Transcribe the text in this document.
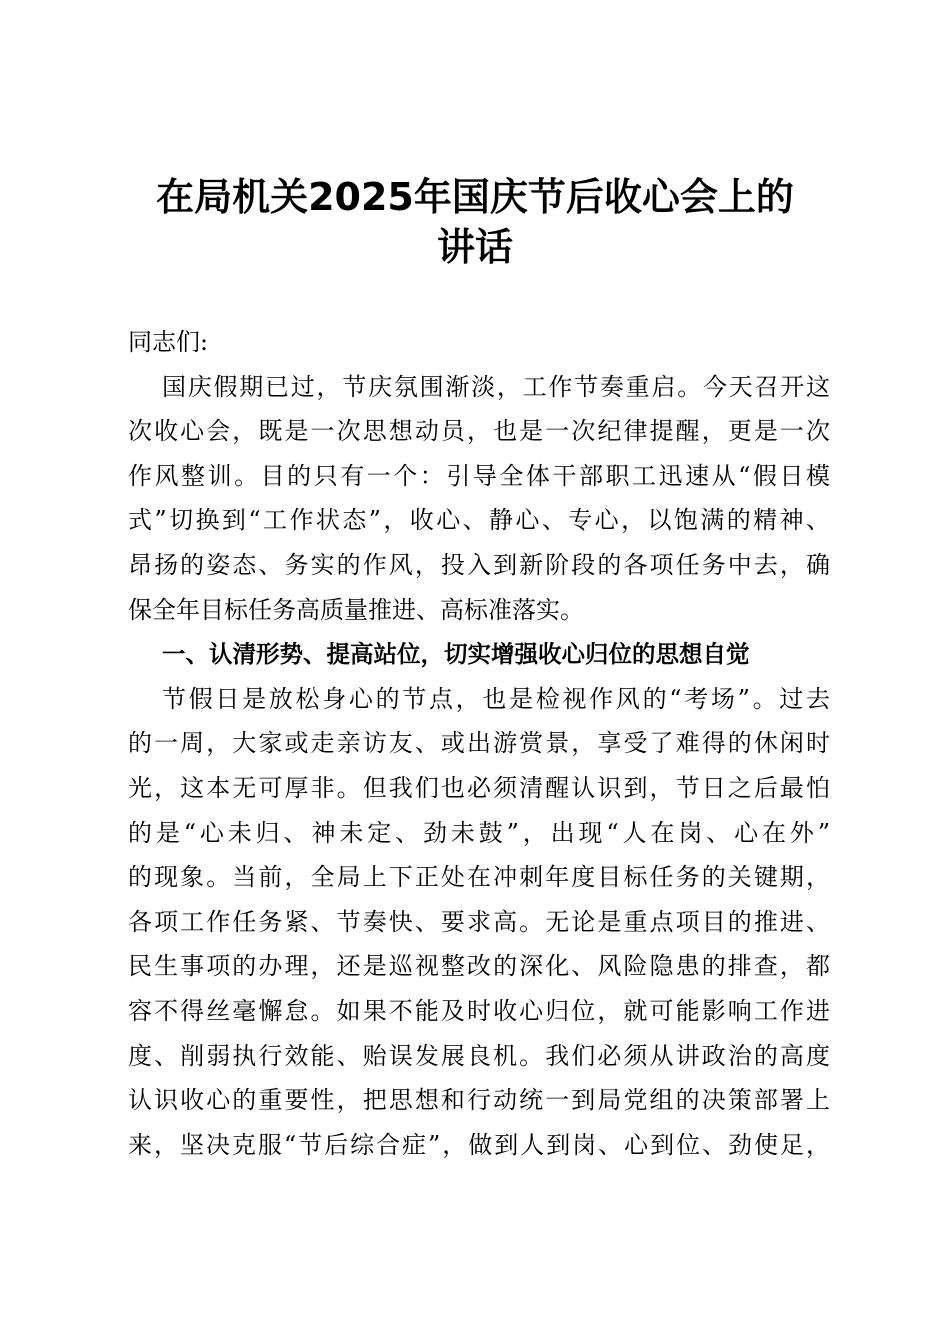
在局机关2025年国庆节后收心会上的
讲话
同志们:
国庆假期已过，节庆氛围渐淡，工作节奏重启。今天召开这
次收心会，既是一次思想动员，也是一次纪律提醒，更是一次
作风整训。目的只有一个：引导全体干部职工迅速从“假日模
式”切换到“工作状态”，收心、静心、专心，以饱满的精神、
昂扬的姿态、务实的作风，投入到新阶段的各项任务中去，确
保全年目标任务高质量推进、高标准落实。
一、认清形势、提高站位，切实增强收心归位的思想自觉
节假日是放松身心的节点，也是检视作风的“考场”。过去
的一周，大家或走亲访友、或出游赏景，享受了难得的休闲时
光，这本无可厚非。但我们也必须清醒认识到，节日之后最怕
的是“心未归、神未定、劲未鼓”，出现“人在岗、心在外”
的现象。当前，全局上下正处在冲刺年度目标任务的关键期，
各项工作任务紧、节奏快、要求高。无论是重点项目的推进、
民生事项的办理，还是巡视整改的深化、风险隐患的排查，都
容不得丝毫懈怠。如果不能及时收心归位，就可能影响工作进
度、削弱执行效能、贻误发展良机。我们必须从讲政治的高度
认识收心的重要性，把思想和行动统一到局党组的决策部署上
来，坚决克服“节后综合症”，做到人到岗、心到位、劲使足，
